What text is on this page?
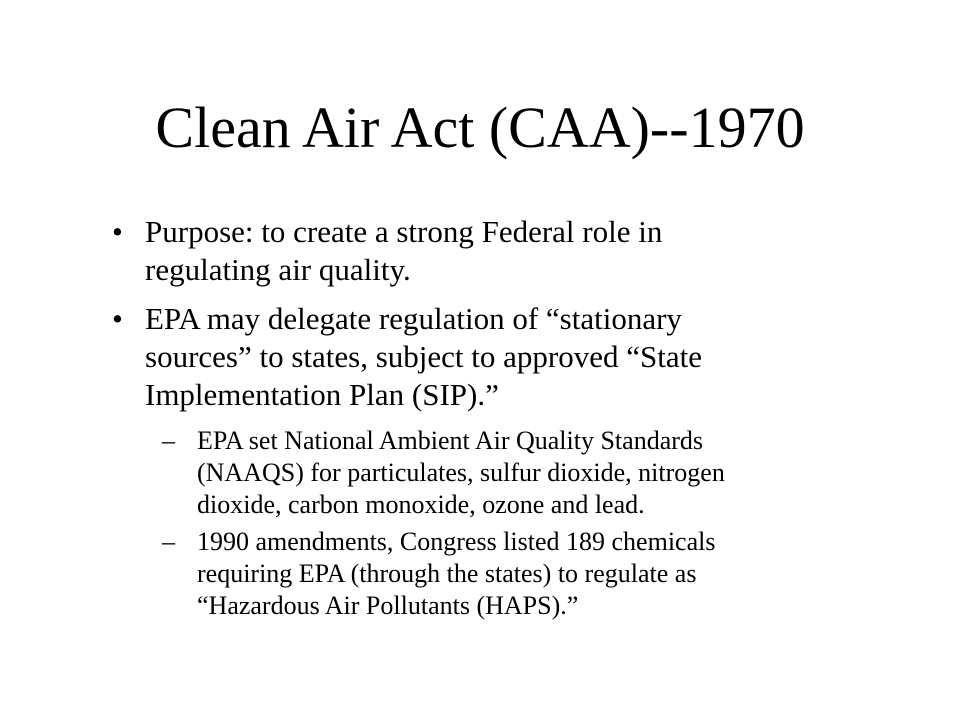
Clean Air Act (CAA)--1970
• Purpose: to create a strong Federal role in
regulating air quality.
• EPA may delegate regulation of “stationary
sources” to states, subject to approved “State
Implementation Plan (SIP).”
– EPA set National Ambient Air Quality Standards
(NAAQS) for particulates, sulfur dioxide, nitrogen
dioxide, carbon monoxide, ozone and lead.
– 1990 amendments, Congress listed 189 chemicals
requiring EPA (through the states) to regulate as
“Hazardous Air Pollutants (HAPS).”
